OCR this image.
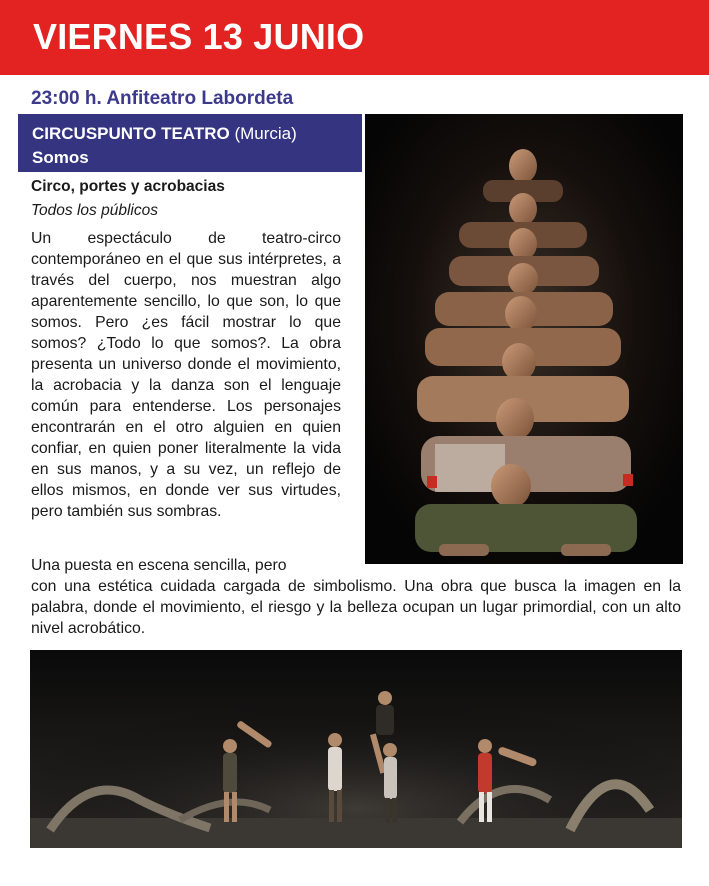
VIERNES 13 JUNIO
23:00 h. Anfiteatro Labordeta
CIRCUSPUNTO TEATRO (Murcia)
Somos

Circo, portes y acrobacias

Todos los públicos

Un espectáculo de teatro-circo contemporáneo en el que sus intérpretes, a través del cuerpo, nos muestran algo aparentemente sencillo, lo que son, lo que somos. Pero ¿es fácil mostrar lo que somos? ¿Todo lo que somos?. La obra presenta un universo donde el movimiento, la acrobacia y la danza son el lenguaje común para entenderse. Los personajes encontrarán en el otro alguien en quien confiar, en quien poner literalmente la vida en sus manos, y a su vez, un reflejo de ellos mismos, en donde ver sus virtudes, pero también sus sombras.

Una puesta en escena sencilla, pero
con una estética cuidada cargada de simbolismo. Una obra que busca la imagen en la palabra, donde el movimiento, el riesgo y la belleza ocupan un lugar primordial, con un alto nivel acrobático.
